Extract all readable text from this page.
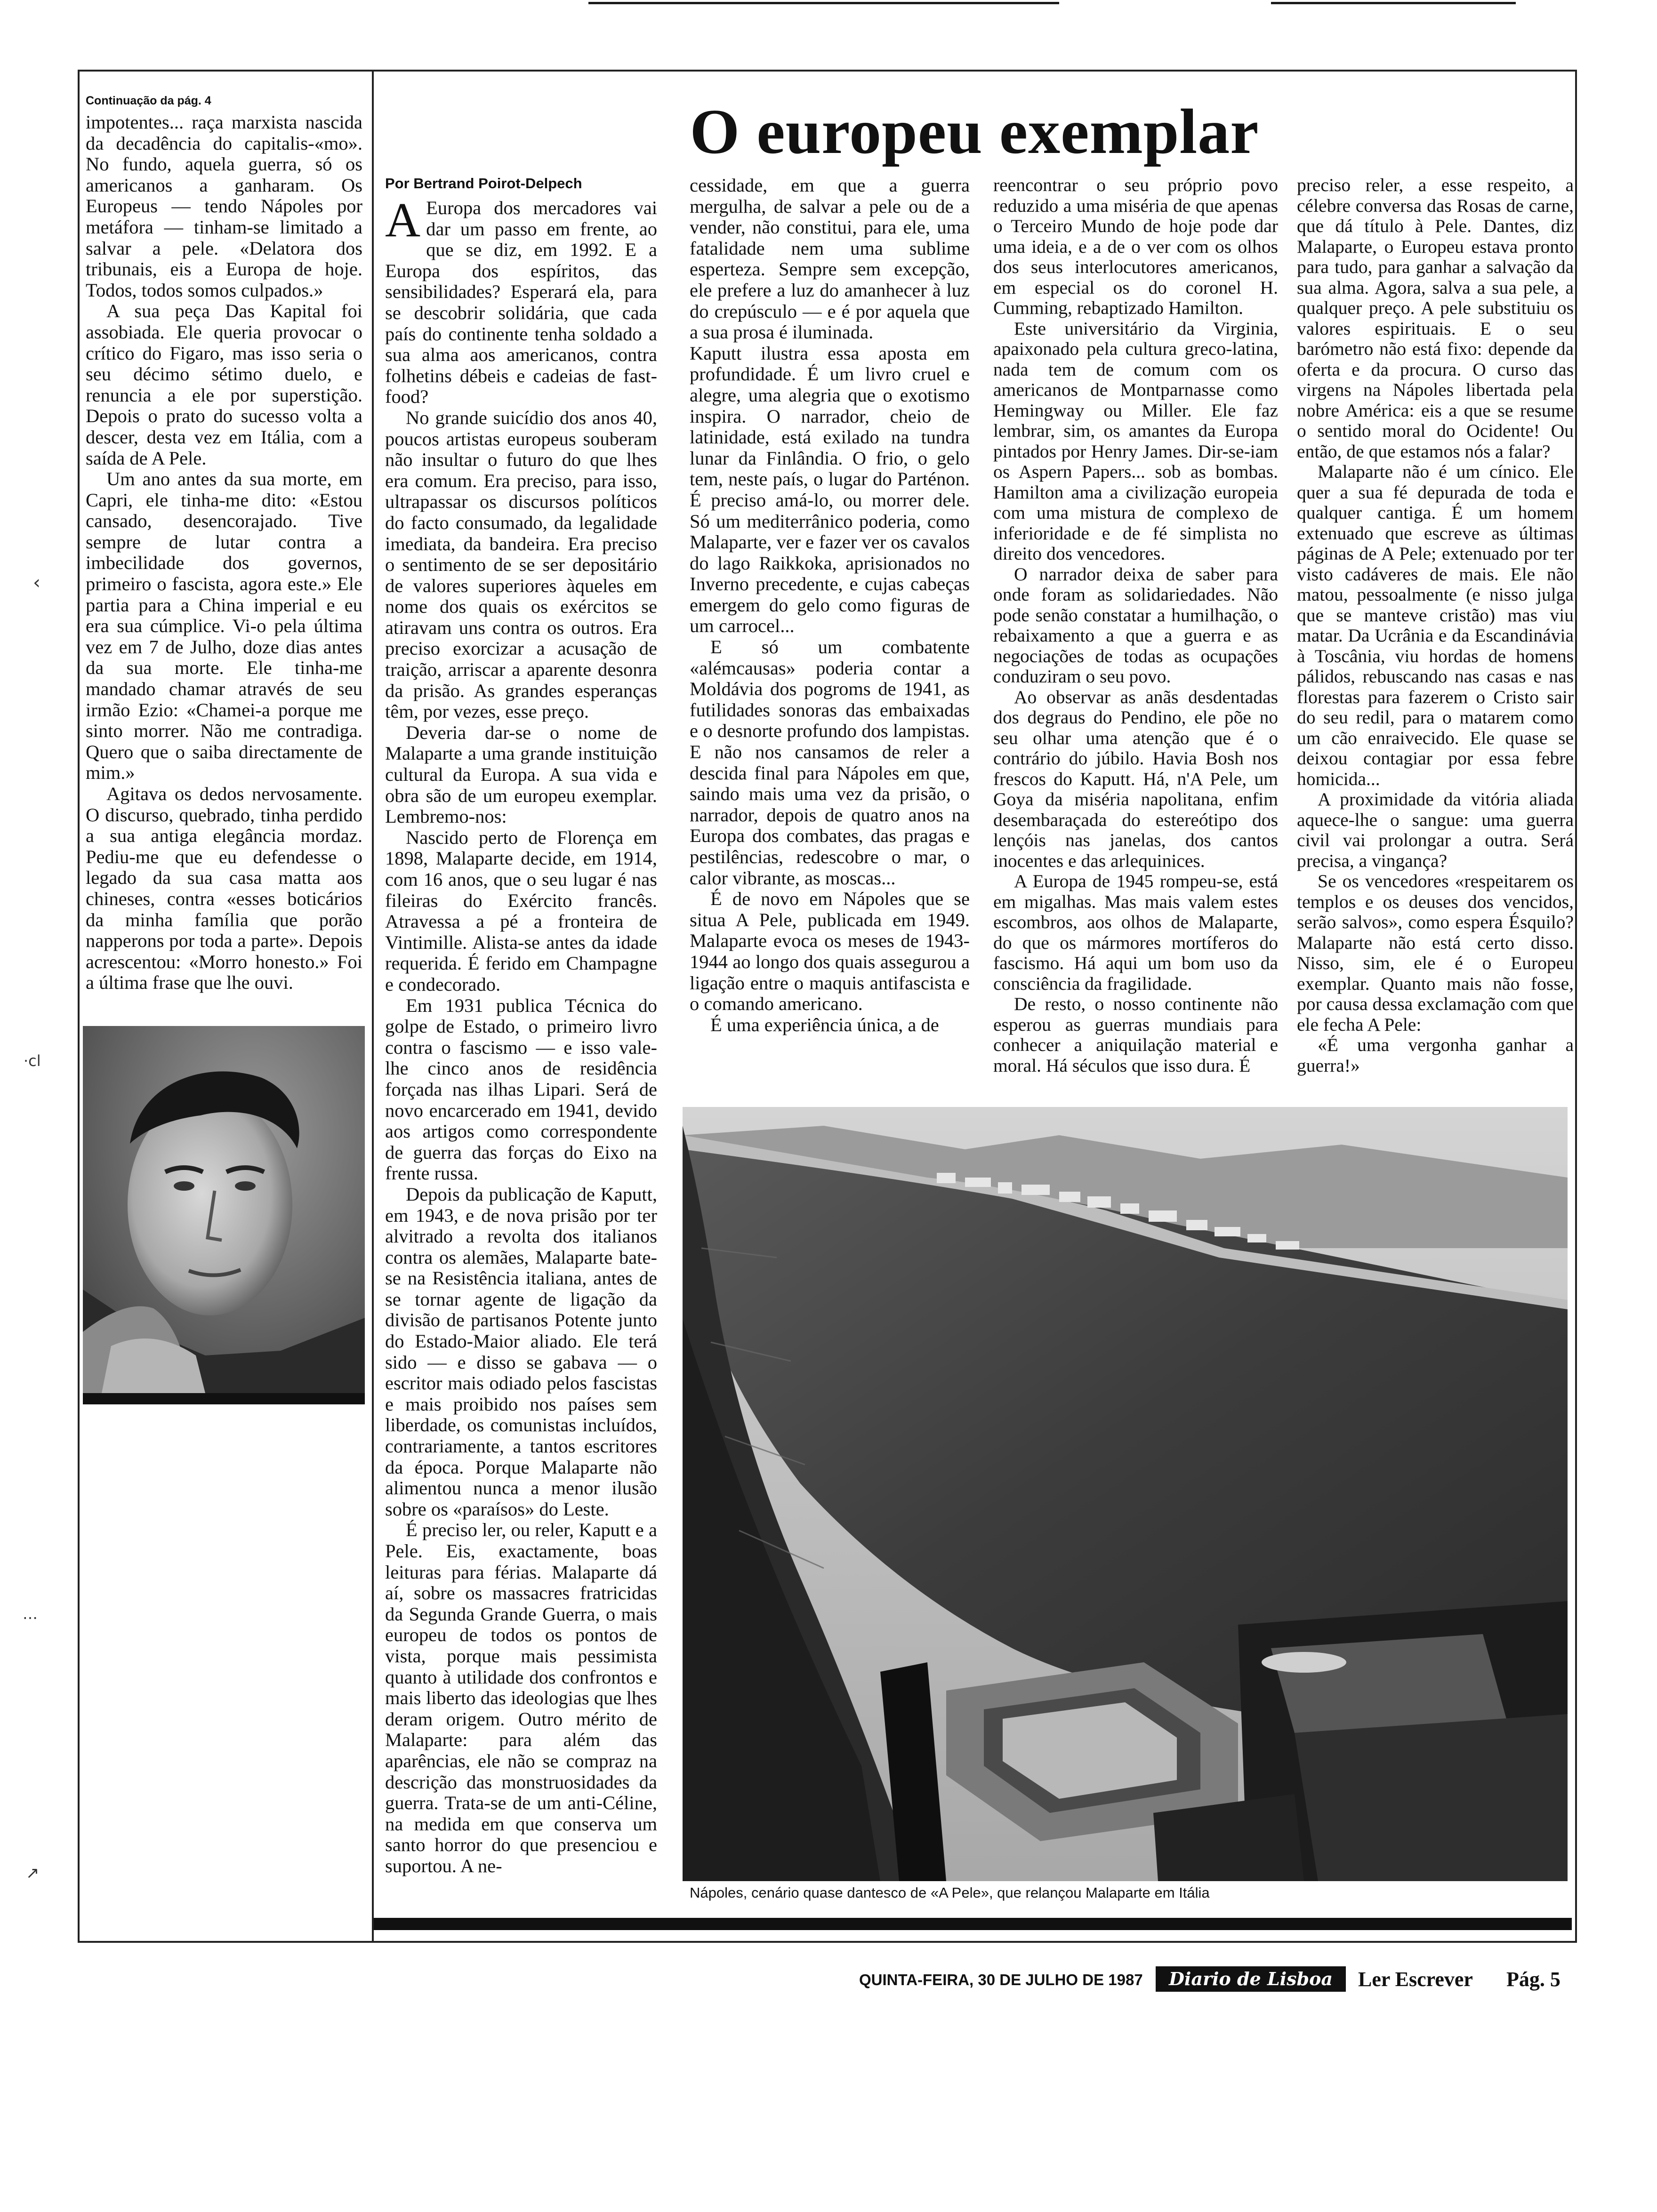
‹
·cl
…
↗
Continuação da pág. 4

impotentes... raça marxista nascida da decadência do capitalis-«mo». No fundo, aquela guerra, só os americanos a ganharam. Os Europeus — tendo Nápoles por metáfora — tinham-se limitado a salvar a pele. «Delatora dos tribunais, eis a Europa de hoje. Todos, todos somos culpados.»

A sua peça Das Kapital foi assobiada. Ele queria provocar o crítico do Figaro, mas isso seria o seu décimo sétimo duelo, e renuncia a ele por superstição. Depois o prato do sucesso volta a descer, desta vez em Itália, com a saída de A Pele.

Um ano antes da sua morte, em Capri, ele tinha-me dito: «Estou cansado, desencorajado. Tive sempre de lutar contra a imbecilidade dos governos, primeiro o fascista, agora este.» Ele partia para a China imperial e eu era sua cúmplice. Vi-o pela última vez em 7 de Julho, doze dias antes da sua morte. Ele tinha-me mandado chamar através de seu irmão Ezio: «Chamei-a porque me sinto morrer. Não me contradiga. Quero que o saiba directamente de mim.»

Agitava os dedos nervosamente. O discurso, quebrado, tinha perdido a sua antiga elegância mordaz. Pediu-me que eu defendesse o legado da sua casa matta aos chineses, contra «esses boticários da minha família que porão napperons por toda a parte». Depois acrescentou: «Morro honesto.» Foi a última frase que lhe ouvi.

O europeu exemplar
Por Bertrand Poirot-Delpech

A Europa dos mercadores vai dar um passo em frente, ao que se diz, em 1992. E a Europa dos espíritos, das sensibilidades? Esperará ela, para se descobrir solidária, que cada país do continente tenha soldado a sua alma aos americanos, contra folhetins débeis e cadeias de fast-food?

No grande suicídio dos anos 40, poucos artistas europeus souberam não insultar o futuro do que lhes era comum. Era preciso, para isso, ultrapassar os discursos políticos do facto consumado, da legalidade imediata, da bandeira. Era preciso o sentimento de se ser depositário de valores superiores àqueles em nome dos quais os exércitos se atiravam uns contra os outros. Era preciso exorcizar a acusação de traição, arriscar a aparente desonra da prisão. As grandes esperanças têm, por vezes, esse preço.

Deveria dar-se o nome de Malaparte a uma grande instituição cultural da Europa. A sua vida e obra são de um europeu exemplar. Lembremo-nos:

Nascido perto de Florença em 1898, Malaparte decide, em 1914, com 16 anos, que o seu lugar é nas fileiras do Exército francês. Atravessa a pé a fronteira de Vintimille. Alista-se antes da idade requerida. É ferido em Champagne e condecorado.

Em 1931 publica Técnica do golpe de Estado, o primeiro livro contra o fascismo — e isso vale-lhe cinco anos de residência forçada nas ilhas Lipari. Será de novo encarcerado em 1941, devido aos artigos como correspondente de guerra das forças do Eixo na frente russa.

Depois da publicação de Kaputt, em 1943, e de nova prisão por ter alvitrado a revolta dos italianos contra os alemães, Malaparte bate-se na Resistência italiana, antes de se tornar agente de ligação da divisão de partisanos Potente junto do Estado-Maior aliado. Ele terá sido — e disso se gabava — o escritor mais odiado pelos fascistas e mais proibido nos países sem liberdade, os comunistas incluídos, contrariamente, a tantos escritores da época. Porque Malaparte não alimentou nunca a menor ilusão sobre os «paraísos» do Leste.

É preciso ler, ou reler, Kaputt e a Pele. Eis, exactamente, boas leituras para férias. Malaparte dá aí, sobre os massacres fratricidas da Segunda Grande Guerra, o mais europeu de todos os pontos de vista, porque mais pessimista quanto à utilidade dos confrontos e mais liberto das ideologias que lhes deram origem. Outro mérito de Malaparte: para além das aparências, ele não se compraz na descrição das monstruosidades da guerra. Trata-se de um anti-Céline, na medida em que conserva um santo horror do que presenciou e suportou. A ne-

cessidade, em que a guerra mergulha, de salvar a pele ou de a vender, não constitui, para ele, uma fatalidade nem uma sublime esperteza. Sempre sem excepção, ele prefere a luz do amanhecer à luz do crepúsculo — e é por aquela que a sua prosa é iluminada.

Kaputt ilustra essa aposta em profundidade. É um livro cruel e alegre, uma alegria que o exotismo inspira. O narrador, cheio de latinidade, está exilado na tundra lunar da Finlândia. O frio, o gelo tem, neste país, o lugar do Parténon. É preciso amá-lo, ou morrer dele. Só um mediterrânico poderia, como Malaparte, ver e fazer ver os cavalos do lago Raikkoka, aprisionados no Inverno precedente, e cujas cabeças emergem do gelo como figuras de um carrocel...

E só um combatente «alémcausas» poderia contar a Moldávia dos pogroms de 1941, as futilidades sonoras das embaixadas e o desnorte profundo dos lampistas. E não nos cansamos de reler a descida final para Nápoles em que, saindo mais uma vez da prisão, o narrador, depois de quatro anos na Europa dos combates, das pragas e pestilências, redescobre o mar, o calor vibrante, as moscas...

É de novo em Nápoles que se situa A Pele, publicada em 1949. Malaparte evoca os meses de 1943-1944 ao longo dos quais assegurou a ligação entre o maquis antifascista e o comando americano.

É uma experiência única, a de

reencontrar o seu próprio povo reduzido a uma miséria de que apenas o Terceiro Mundo de hoje pode dar uma ideia, e a de o ver com os olhos dos seus interlocutores americanos, em especial os do coronel H. Cumming, rebaptizado Hamilton.

Este universitário da Virginia, apaixonado pela cultura greco-latina, nada tem de comum com os americanos de Montparnasse como Hemingway ou Miller. Ele faz lembrar, sim, os amantes da Europa pintados por Henry James. Dir-se-iam os Aspern Papers... sob as bombas. Hamilton ama a civilização europeia com uma mistura de complexo de inferioridade e de fé simplista no direito dos vencedores.

O narrador deixa de saber para onde foram as solidariedades. Não pode senão constatar a humilhação, o rebaixamento a que a guerra e as negociações de todas as ocupações conduziram o seu povo.

Ao observar as anãs desdentadas dos degraus do Pendino, ele põe no seu olhar uma atenção que é o contrário do júbilo. Havia Bosh nos frescos do Kaputt. Há, n'A Pele, um Goya da miséria napolitana, enfim desembaraçada do estereótipo dos lençóis nas janelas, dos cantos inocentes e das arlequinices.

A Europa de 1945 rompeu-se, está em migalhas. Mas mais valem estes escombros, aos olhos de Malaparte, do que os mármores mortíferos do fascismo. Há aqui um bom uso da consciência da fragilidade.

De resto, o nosso continente não esperou as guerras mundiais para conhecer a aniquilação material e moral. Há séculos que isso dura. É

preciso reler, a esse respeito, a célebre conversa das Rosas de carne, que dá título à Pele. Dantes, diz Malaparte, o Europeu estava pronto para tudo, para ganhar a salvação da sua alma. Agora, salva a sua pele, a qualquer preço. A pele substituiu os valores espirituais. E o seu barómetro não está fixo: depende da oferta e da procura. O curso das virgens na Nápoles libertada pela nobre América: eis a que se resume o sentido moral do Ocidente! Ou então, de que estamos nós a falar?

Malaparte não é um cínico. Ele quer a sua fé depurada de toda e qualquer cantiga. É um homem extenuado que escreve as últimas páginas de A Pele; extenuado por ter visto cadáveres de mais. Ele não matou, pessoalmente (e nisso julga que se manteve cristão) mas viu matar. Da Ucrânia e da Escandinávia à Toscânia, viu hordas de homens pálidos, rebuscando nas casas e nas florestas para fazerem o Cristo sair do seu redil, para o matarem como um cão enraivecido. Ele quase se deixou contagiar por essa febre homicida...

A proximidade da vitória aliada aquece-lhe o sangue: uma guerra civil vai prolongar a outra. Será precisa, a vingança?

Se os vencedores «respeitarem os templos e os deuses dos vencidos, serão salvos», como espera Ésquilo? Malaparte não está certo disso. Nisso, sim, ele é o Europeu exemplar. Quanto mais não fosse, por causa dessa exclamação com que ele fecha A Pele:

«É uma vergonha ganhar a guerra!»

Nápoles, cenário quase dantesco de «A Pele», que relançou Malaparte em Itália
QUINTA-FEIRA, 30 DE JULHO DE 1987	Diario de Lisboa	Ler Escrever Pág. 5
